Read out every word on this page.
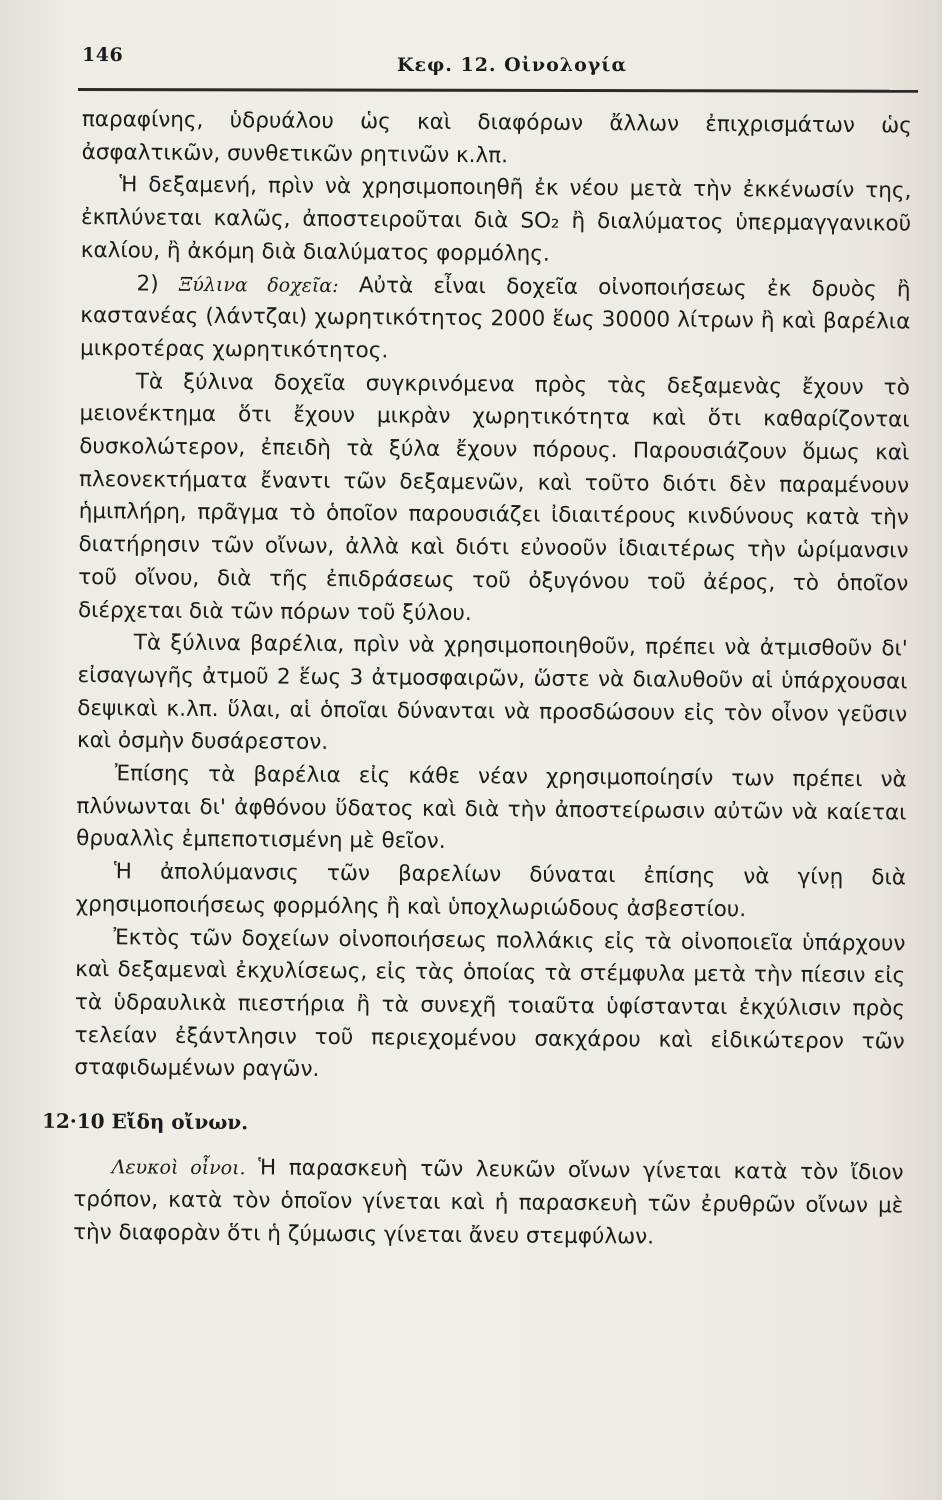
146	Κεφ. 12. Οἰνολογία

παραφίνης, ὑδρυάλου ὡς καὶ διαφόρων ἄλλων ἐπιχρισμάτων ὡς ἀσφαλτικῶν, συνθετικῶν ρητινῶν κ.λπ.

Ἡ δεξαμενή, πρὶν νὰ χρησιμοποιηθῆ ἐκ νέου μετὰ τὴν ἐκκένωσίν της, ἐκπλύνεται καλῶς, ἀποστειροῦται διὰ SO₂ ἢ διαλύματος ὑπερμαγγανικοῦ καλίου, ἢ ἀκόμη διὰ διαλύματος φορμόλης.

2) Ξύλινα δοχεῖα: Αὐτὰ εἶναι δοχεῖα οἰνοποιήσεως ἐκ δρυὸς ἢ καστανέας (λάντζαι) χωρητικότητος 2000 ἕως 30000 λίτρων ἢ καὶ βαρέλια μικροτέρας χωρητικότητος.

Τὰ ξύλινα δοχεῖα συγκρινόμενα πρὸς τὰς δεξαμενὰς ἔχουν τὸ μειονέκτημα ὅτι ἔχουν μικρὰν χωρητικότητα καὶ ὅτι καθαρίζονται δυσκολώτερον, ἐπειδὴ τὰ ξύλα ἔχουν πόρους. Παρουσιάζουν ὅμως καὶ πλεονεκτήματα ἔναντι τῶν δεξαμενῶν, καὶ τοῦτο διότι δὲν παραμένουν ἡμιπλήρη, πρᾶγμα τὸ ὁποῖον παρουσιάζει ἰδιαιτέρους κινδύνους κατὰ τὴν διατήρησιν τῶν οἴνων, ἀλλὰ καὶ διότι εὐνοοῦν ἰδιαιτέρως τὴν ὡρίμανσιν τοῦ οἴνου, διὰ τῆς ἐπιδράσεως τοῦ ὀξυγόνου τοῦ ἀέρος, τὸ ὁποῖον διέρχεται διὰ τῶν πόρων τοῦ ξύλου.

Τὰ ξύλινα βαρέλια, πρὶν νὰ χρησιμοποιηθοῦν, πρέπει νὰ ἀτμισθοῦν δι' εἰσαγωγῆς ἀτμοῦ 2 ἕως 3 ἀτμοσφαιρῶν, ὥστε νὰ διαλυθοῦν αἱ ὑπάρχουσαι δεψικαὶ κ.λπ. ὕλαι, αἱ ὁποῖαι δύνανται νὰ προσδώσουν εἰς τὸν οἶνον γεῦσιν καὶ ὀσμὴν δυσάρεστον.

Ἐπίσης τὰ βαρέλια εἰς κάθε νέαν χρησιμοποίησίν των πρέπει νὰ πλύνωνται δι' ἀφθόνου ὕδατος καὶ διὰ τὴν ἀποστείρωσιν αὐτῶν νὰ καίεται θρυαλλὶς ἐμπεποτισμένη μὲ θεῖον.

Ἡ ἀπολύμανσις τῶν βαρελίων δύναται ἐπίσης νὰ γίνῃ διὰ χρησιμοποιήσεως φορμόλης ἢ καὶ ὑποχλωριώδους ἀσβεστίου.

Ἐκτὸς τῶν δοχείων οἰνοποιήσεως πολλάκις εἰς τὰ οἰνοποιεῖα ὑπάρχουν καὶ δεξαμεναὶ ἐκχυλίσεως, εἰς τὰς ὁποίας τὰ στέμφυλα μετὰ τὴν πίεσιν εἰς τὰ ὑδραυλικὰ πιεστήρια ἢ τὰ συνεχῆ τοιαῦτα ὑφίστανται ἐκχύλισιν πρὸς τελείαν ἐξάντλησιν τοῦ περιεχομένου σακχάρου καὶ εἰδικώτερον τῶν σταφιδωμένων ραγῶν.

12·10 Εἴδη οἴνων.

Λευκοὶ οἶνοι. Ἡ παρασκευὴ τῶν λευκῶν οἴνων γίνεται κατὰ τὸν ἴδιον τρόπον, κατὰ τὸν ὁποῖον γίνεται καὶ ἡ παρασκευὴ τῶν ἐρυθρῶν οἴνων μὲ τὴν διαφορὰν ὅτι ἡ ζύμωσις γίνεται ἄνευ στεμφύλων.
